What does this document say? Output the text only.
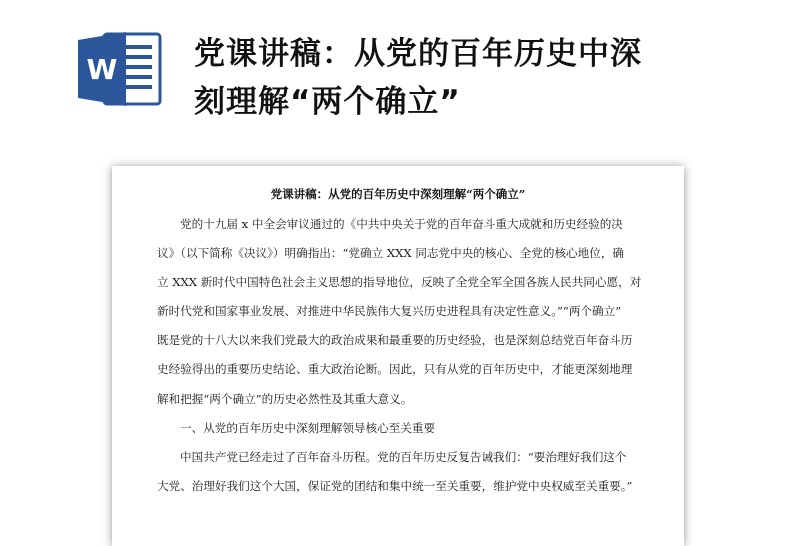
W 党课讲稿：从党的百年历史中深
刻理解“两个确立”
党课讲稿：从党的百年历史中深刻理解“两个确立”
党的十九届 x 中全会审议通过的《中共中央关于党的百年奋斗重大成就和历史经验的决
议》（以下简称《决议》）明确指出：“党确立 XXX 同志党中央的核心、全党的核心地位，确
立 XXX 新时代中国特色社会主义思想的指导地位，反映了全党全军全国各族人民共同心愿，对
新时代党和国家事业发展、对推进中华民族伟大复兴历史进程具有决定性意义。”“两个确立”
既是党的十八大以来我们党最大的政治成果和最重要的历史经验，也是深刻总结党百年奋斗历
史经验得出的重要历史结论、重大政治论断。因此，只有从党的百年历史中，才能更深刻地理
解和把握“两个确立”的历史必然性及其重大意义。
一、从党的百年历史中深刻理解领导核心至关重要
中国共产党已经走过了百年奋斗历程。党的百年历史反复告诫我们：“要治理好我们这个
大党、治理好我们这个大国，保证党的团结和集中统一至关重要，维护党中央权威至关重要。”
